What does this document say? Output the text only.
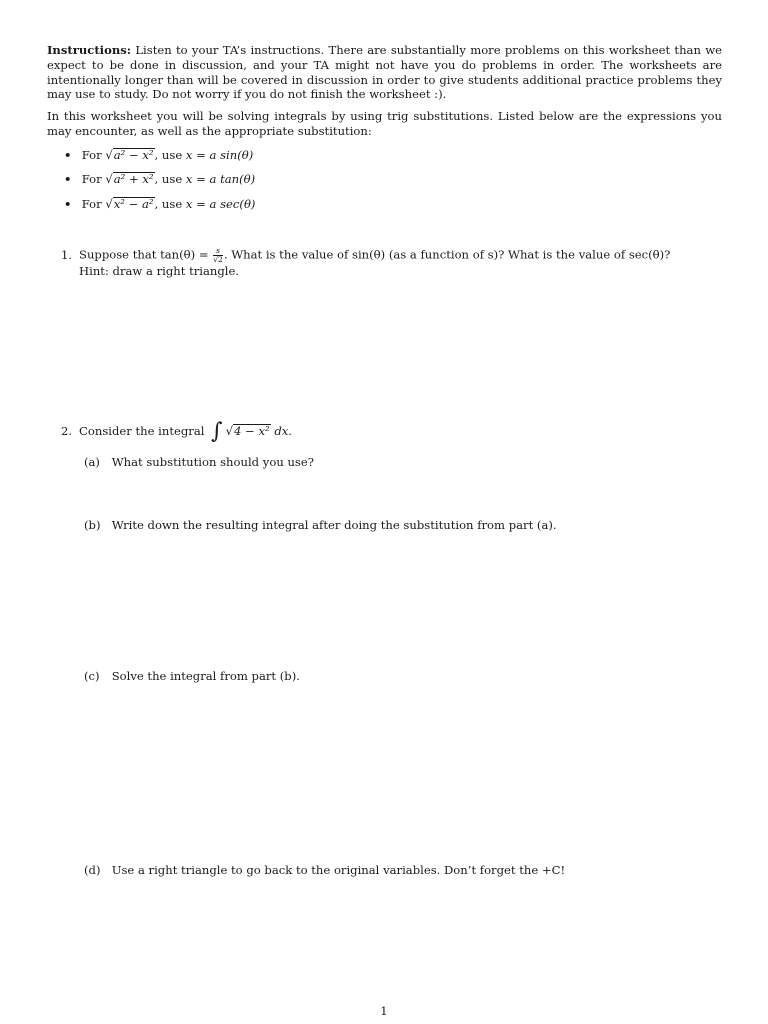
Instructions: Listen to your TA’s instructions. There are substantially more problems on this worksheet than we expect to be done in discussion, and your TA might not have you do problems in order. The worksheets are intentionally longer than will be covered in discussion in order to give students additional practice problems they may use to study. Do not worry if you do not finish the worksheet :).

In this worksheet you will be solving integrals by using trig substitutions. Listed below are the expressions you may encounter, as well as the appropriate substitution:

• For √a² − x², use x = a sin(θ)
• For √a² + x², use x = a tan(θ)
• For √x² − a², use x = a sec(θ)
1. Suppose that $\tan(\theta) = \frac{s}{√2}$ . What is the value of sin(θ) (as a function of s)? What is the value of sec(θ)?
Hint: draw a right triangle.
2. Consider the integral ∫ √4 − x² dx.
(a) What substitution should you use?
(b) Write down the resulting integral after doing the substitution from part (a).
(c) Solve the integral from part (b).
(d) Use a right triangle to go back to the original variables. Don’t forget the +C!
1
